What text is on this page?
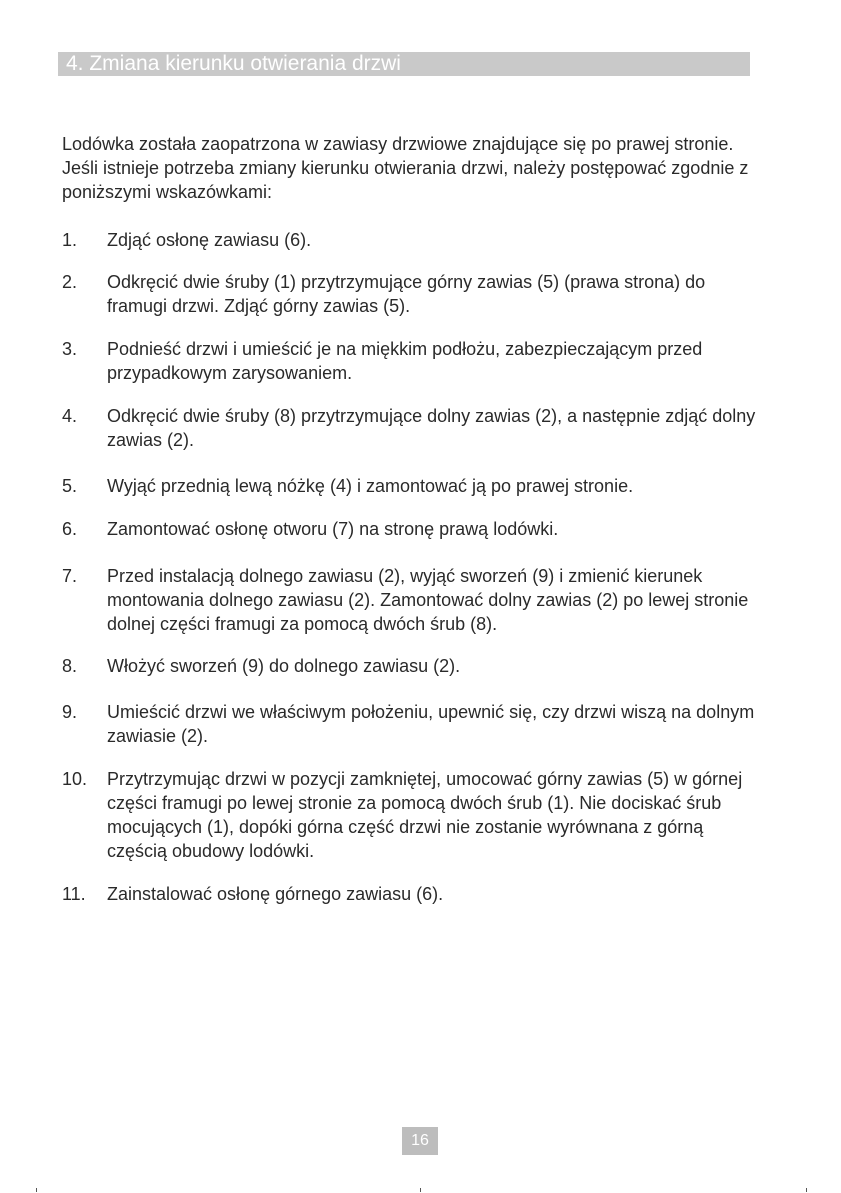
4. Zmiana kierunku otwierania drzwi

Lodówka została zaopatrzona w zawiasy drzwiowe znajdujące się po prawej stronie. Jeśli istnieje potrzeba zmiany kierunku otwierania drzwi, należy postępować zgodnie z poniższymi wskazówkami:

1.	Zdjąć osłonę zawiasu (6).
2.	Odkręcić dwie śruby (1) przytrzymujące górny zawias (5) (prawa strona) do framugi drzwi. Zdjąć górny zawias (5).
3.	Podnieść drzwi i umieścić je na miękkim podłożu, zabezpieczającym przed przypadkowym zarysowaniem.
4.	Odkręcić dwie śruby (8) przytrzymujące dolny zawias (2), a następnie zdjąć dolny zawias (2).
5.	Wyjąć przednią lewą nóżkę (4) i zamontować ją po prawej stronie.
6.	Zamontować osłonę otworu (7) na stronę prawą lodówki.
7.	Przed instalacją dolnego zawiasu (2), wyjąć sworzeń (9) i zmienić kierunek montowania dolnego zawiasu (2). Zamontować dolny zawias (2) po lewej stronie dolnej części framugi za pomocą dwóch śrub (8).
8.	Włożyć sworzeń (9) do dolnego zawiasu (2).
9.	Umieścić drzwi we właściwym położeniu, upewnić się, czy drzwi wiszą na dolnym zawiasie (2).
10.	Przytrzymując drzwi w pozycji zamkniętej, umocować górny zawias (5) w górnej części framugi po lewej stronie za pomocą dwóch śrub (1). Nie dociskać śrub mocujących (1), dopóki górna część drzwi nie zostanie wyrównana z górną częścią obudowy lodówki.
11.	Zainstalować osłonę górnego zawiasu (6).
16
